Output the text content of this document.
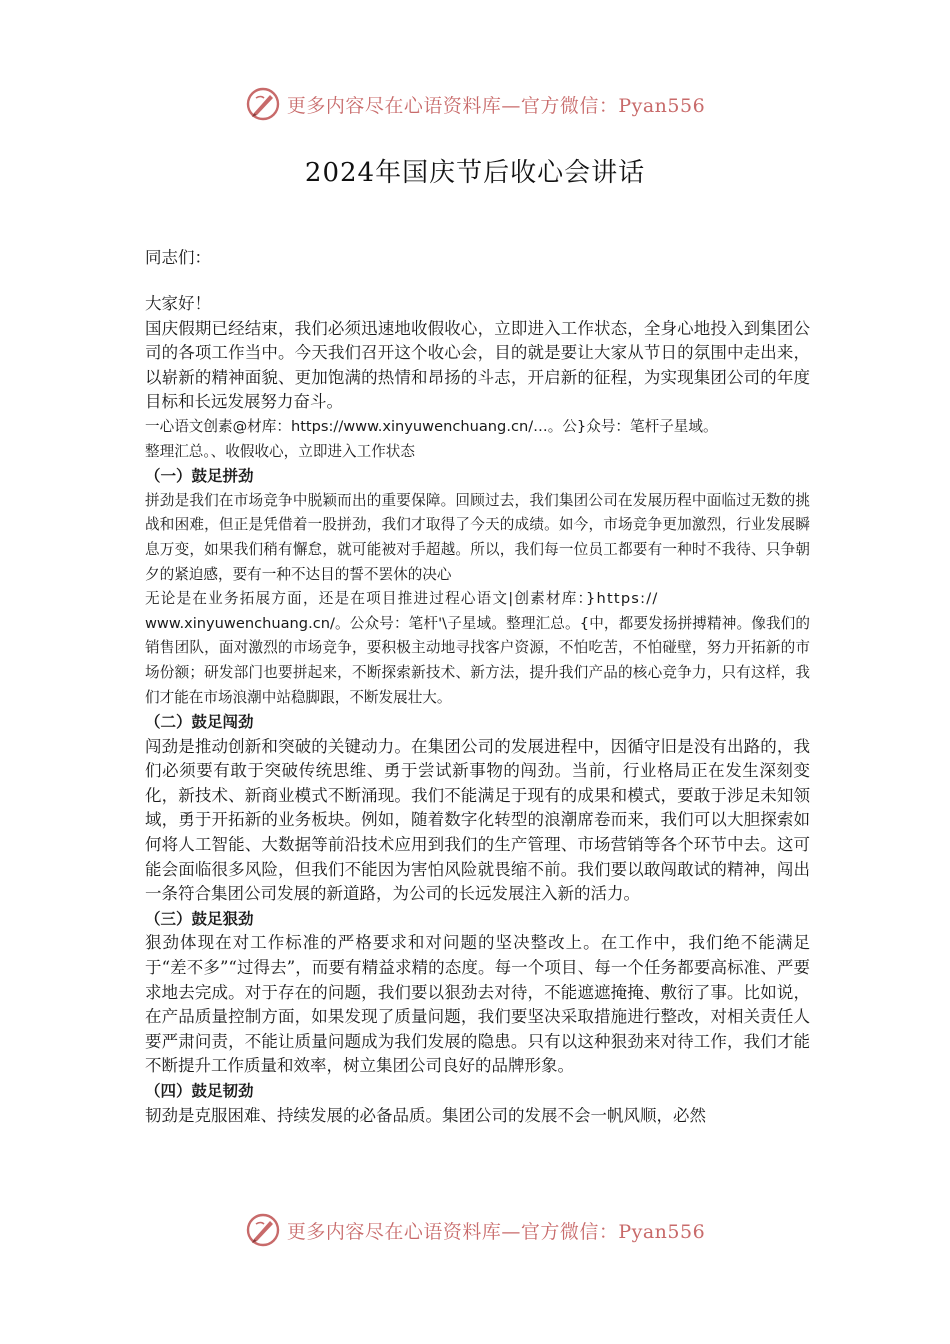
更多内容尽在心语资料库—官方微信：Pyan556
2024年国庆节后收心会讲话
同志们：

大家好！

国庆假期已经结束，我们必须迅速地收假收心，立即进入工作状态，全身心地投入到集团公司的各项工作当中。今天我们召开这个收心会，目的就是要让大家从节日的氛围中走出来，以崭新的精神面貌、更加饱满的热情和昂扬的斗志，开启新的征程，为实现集团公司的年度目标和长远发展努力奋斗。

一心语文创素@材库：https://www.xinyuwenchuang.cn/…。公}众号：笔杆子星域。

整理汇总。、收假收心，立即进入工作状态

（一）鼓足拼劲

拼劲是我们在市场竞争中脱颖而出的重要保障。回顾过去，我们集团公司在发展历程中面临过无数的挑战和困难，但正是凭借着一股拼劲，我们才取得了今天的成绩。如今，市场竞争更加激烈，行业发展瞬息万变，如果我们稍有懈怠，就可能被对手超越。所以，我们每一位员工都要有一种时不我待、只争朝夕的紧迫感，要有一种不达目的誓不罢休的决心

无论是在业务拓展方面，还是在项目推进过程心语文|创素材库：}https://

www.xinyuwenchuang.cn/。公众号：笔杆'\子星域。整理汇总。{中，都要发扬拼搏精神。像我们的销售团队，面对激烈的市场竞争，要积极主动地寻找客户资源，不怕吃苦，不怕碰壁，努力开拓新的市场份额；研发部门也要拼起来，不断探索新技术、新方法，提升我们产品的核心竞争力，只有这样，我们才能在市场浪潮中站稳脚跟，不断发展壮大。

（二）鼓足闯劲

闯劲是推动创新和突破的关键动力。在集团公司的发展进程中，因循守旧是没有出路的，我们必须要有敢于突破传统思维、勇于尝试新事物的闯劲。当前，行业格局正在发生深刻变化，新技术、新商业模式不断涌现。我们不能满足于现有的成果和模式，要敢于涉足未知领域，勇于开拓新的业务板块。例如，随着数字化转型的浪潮席卷而来，我们可以大胆探索如何将人工智能、大数据等前沿技术应用到我们的生产管理、市场营销等各个环节中去。这可能会面临很多风险，但我们不能因为害怕风险就畏缩不前。我们要以敢闯敢试的精神，闯出一条符合集团公司发展的新道路，为公司的长远发展注入新的活力。

（三）鼓足狠劲

狠劲体现在对工作标准的严格要求和对问题的坚决整改上。在工作中，我们绝不能满足于“差不多”“过得去”，而要有精益求精的态度。每一个项目、每一个任务都要高标准、严要求地去完成。对于存在的问题，我们要以狠劲去对待，不能遮遮掩掩、敷衍了事。比如说，在产品质量控制方面，如果发现了质量问题，我们要坚决采取措施进行整改，对相关责任人要严肃问责，不能让质量问题成为我们发展的隐患。只有以这种狠劲来对待工作，我们才能不断提升工作质量和效率，树立集团公司良好的品牌形象。

（四）鼓足韧劲

韧劲是克服困难、持续发展的必备品质。集团公司的发展不会一帆风顺，必然

更多内容尽在心语资料库—官方微信：Pyan556
